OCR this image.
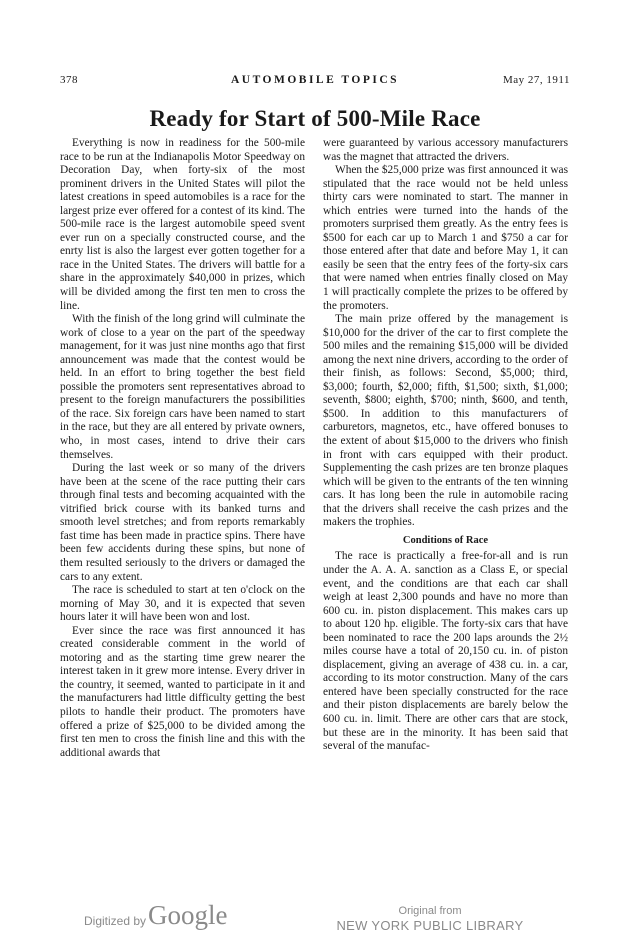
378	AUTOMOBILE TOPICS	May 27, 1911
Ready for Start of 500-Mile Race

Everything is now in readiness for the 500-mile race to be run at the Indianapolis Motor Speedway on Decoration Day, when forty-six of the most prominent drivers in the United States will pilot the latest creations in speed automobiles is a race for the largest prize ever offered for a contest of its kind. The 500-mile race is the largest automobile speed svent ever run on a specially constructed course, and the enrty list is also the largest ever gotten together for a race in the United States. The drivers will battle for a share in the approximately $40,000 in prizes, which will be divided among the first ten men to cross the line.

With the finish of the long grind will culminate the work of close to a year on the part of the speedway management, for it was just nine months ago that first announcement was made that the contest would be held. In an effort to bring together the best field possible the promoters sent representatives abroad to present to the foreign manufacturers the possibilities of the race. Six foreign cars have been named to start in the race, but they are all entered by private owners, who, in most cases, intend to drive their cars themselves.

During the last week or so many of the drivers have been at the scene of the race putting their cars through final tests and becoming acquainted with the vitrified brick course with its banked turns and smooth level stretches; and from reports remarkably fast time has been made in practice spins. There have been few accidents during these spins, but none of them resulted seriously to the drivers or damaged the cars to any extent.

The race is scheduled to start at ten o'clock on the morning of May 30, and it is expected that seven hours later it will have been won and lost.

Ever since the race was first announced it has created considerable comment in the world of motoring and as the starting time grew nearer the interest taken in it grew more intense. Every driver in the country, it seemed, wanted to participate in it and the manufacturers had little difficulty getting the best pilots to handle their product. The promoters have offered a prize of $25,000 to be divided among the first ten men to cross the finish line and this with the additional awards that

were guaranteed by various accessory manufacturers was the magnet that attracted the drivers.

When the $25,000 prize was first announced it was stipulated that the race would not be held unless thirty cars were nominated to start. The manner in which entries were turned into the hands of the promoters surprised them greatly. As the entry fees is $500 for each car up to March 1 and $750 a car for those entered after that date and before May 1, it can easily be seen that the entry fees of the forty-six cars that were named when entries finally closed on May 1 will practically complete the prizes to be offered by the promoters.

The main prize offered by the management is $10,000 for the driver of the car to first complete the 500 miles and the remaining $15,000 will be divided among the next nine drivers, according to the order of their finish, as follows: Second, $5,000; third, $3,000; fourth, $2,000; fifth, $1,500; sixth, $1,000; seventh, $800; eighth, $700; ninth, $600, and tenth, $500. In addition to this manufacturers of carburetors, magnetos, etc., have offered bonuses to the extent of about $15,000 to the drivers who finish in front with cars equipped with their product. Supplementing the cash prizes are ten bronze plaques which will be given to the entrants of the ten winning cars. It has long been the rule in automobile racing that the drivers shall receive the cash prizes and the makers the trophies.

Conditions of Race

The race is practically a free-for-all and is run under the A. A. A. sanction as a Class E, or special event, and the conditions are that each car shall weigh at least 2,300 pounds and have no more than 600 cu. in. piston displacement. This makes cars up to about 120 hp. eligible. The forty-six cars that have been nominated to race the 200 laps arounds the 2½ miles course have a total of 20,150 cu. in. of piston displacement, giving an average of 438 cu. in. a car, according to its motor construction. Many of the cars entered have been specially constructed for the race and their piston displacements are barely below the 600 cu. in. limit. There are other cars that are stock, but these are in the minority. It has been said that several of the manufac-

Digitized by Google	Original from
NEW YORK PUBLIC LIBRARY
